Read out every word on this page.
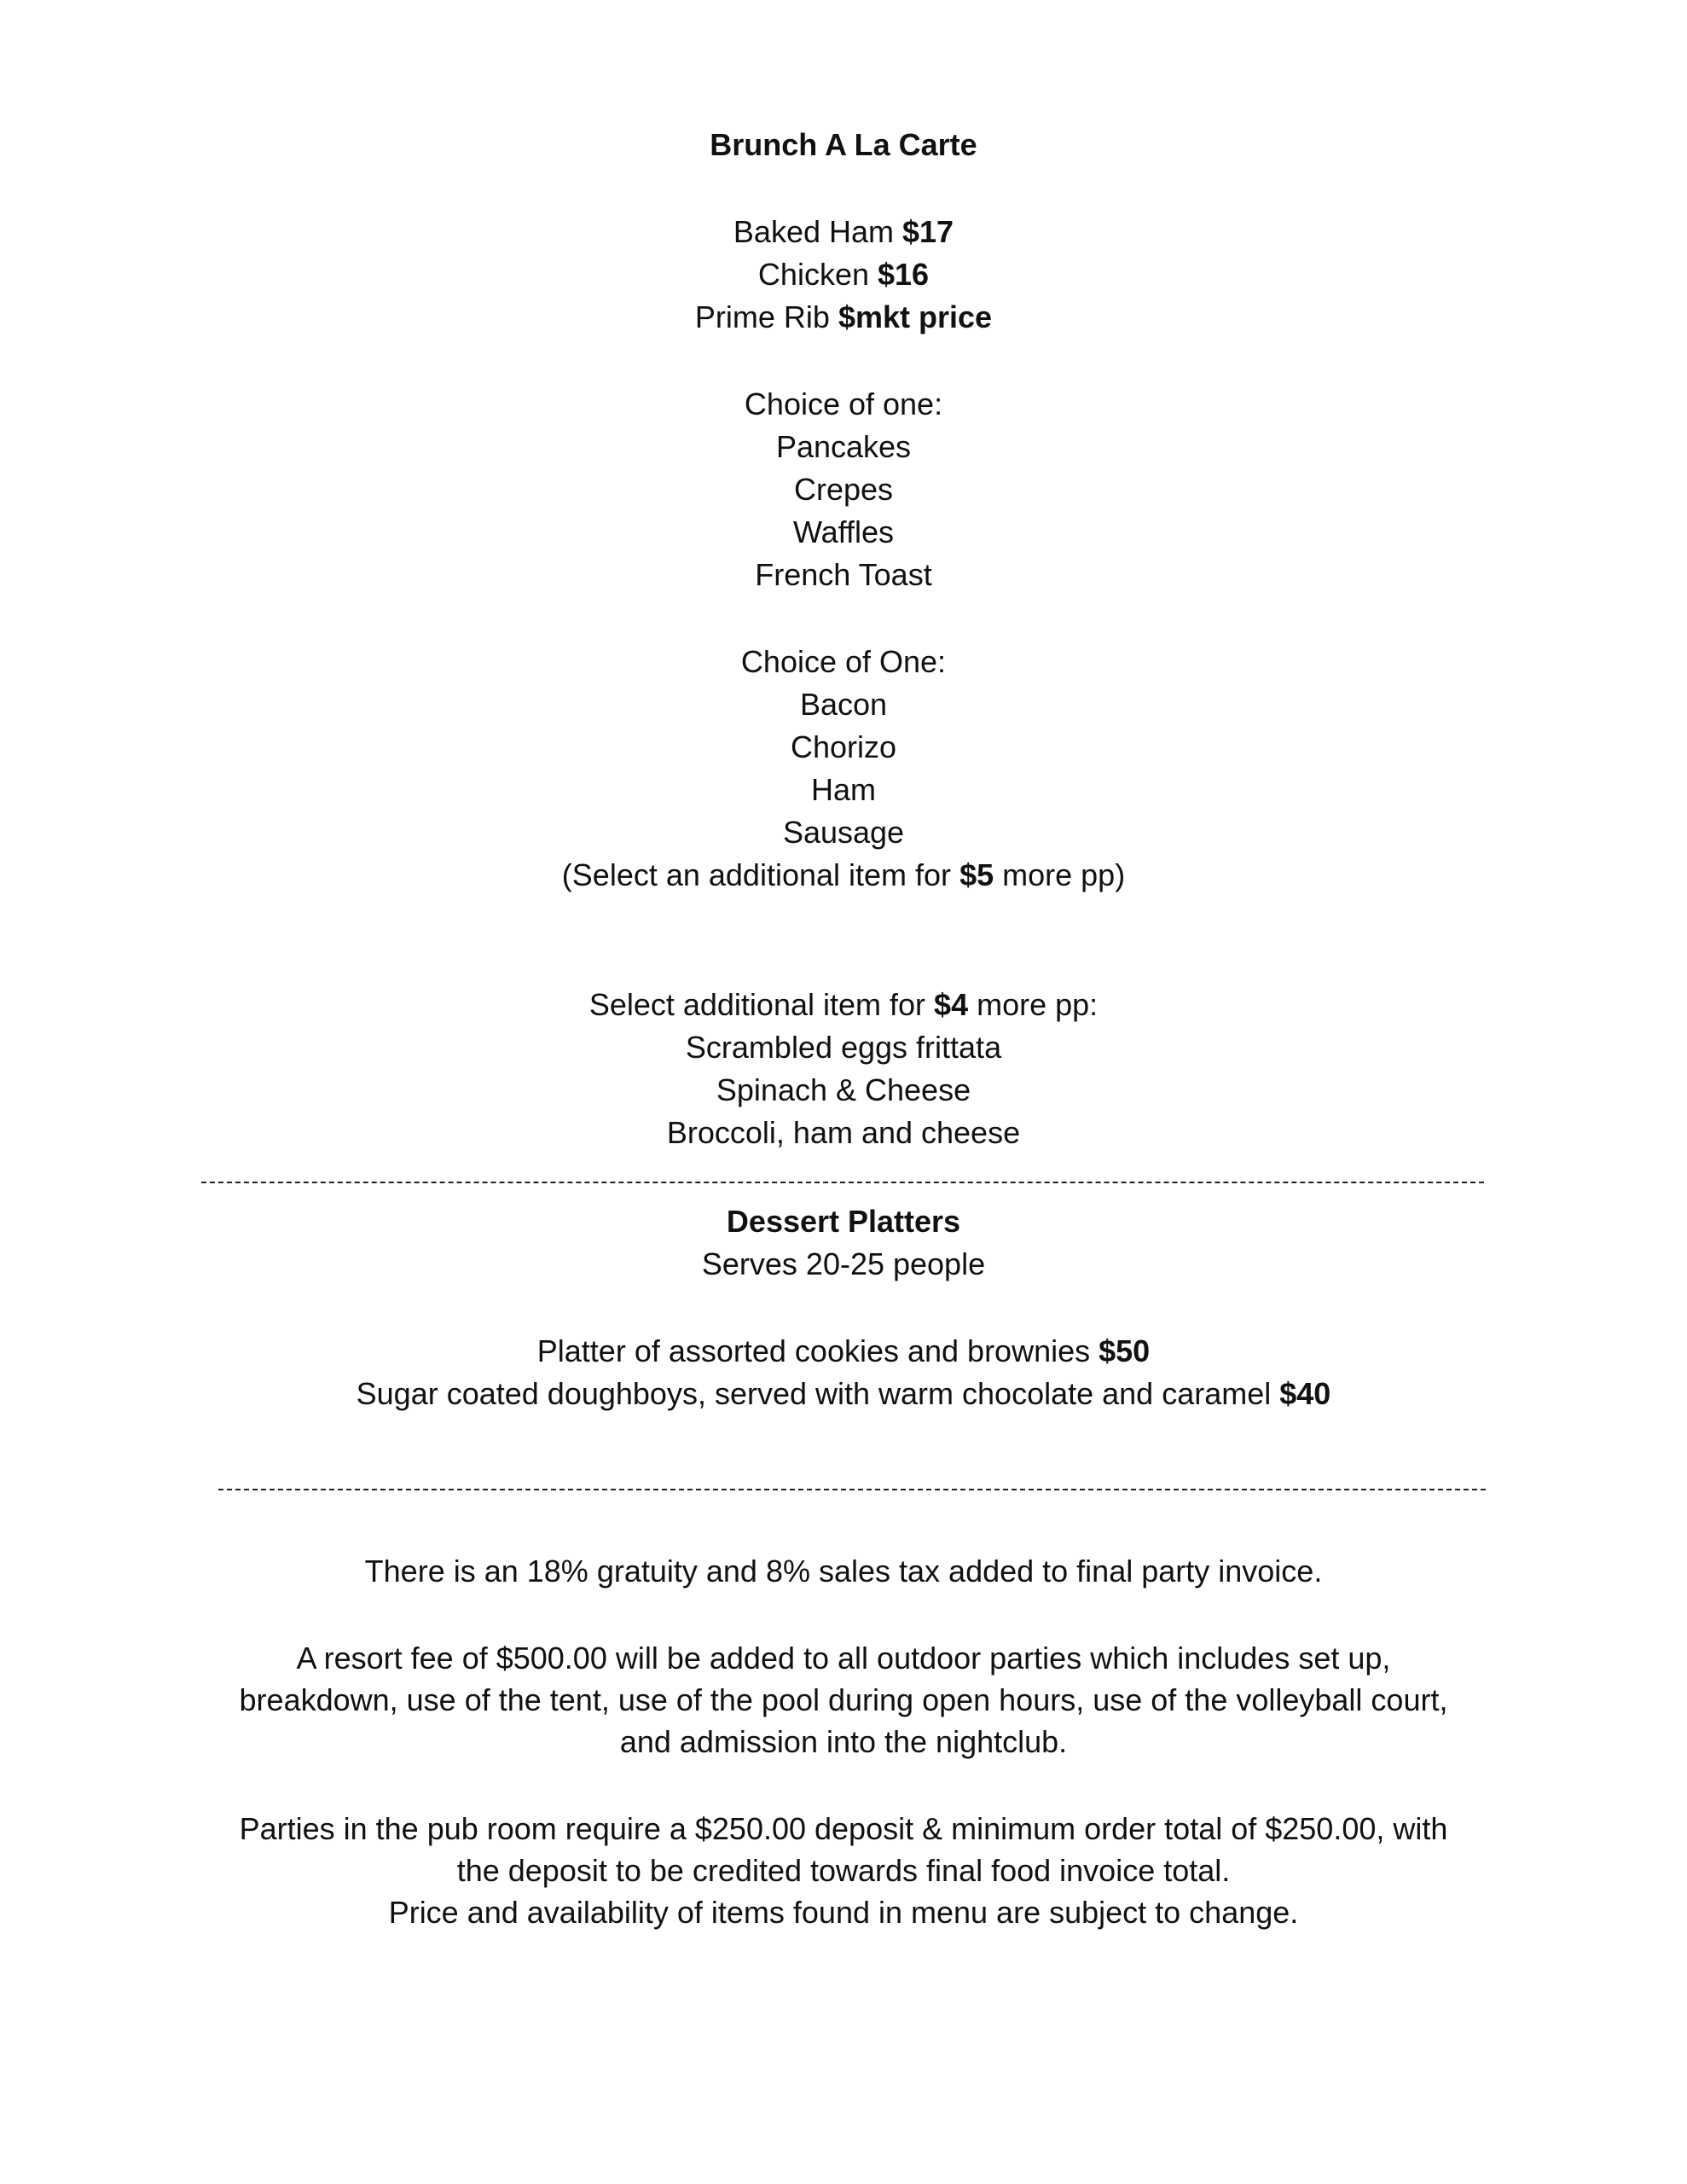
Brunch A La Carte
Baked Ham $17
Chicken $16
Prime Rib $mkt price
Choice of one:
Pancakes
Crepes
Waffles
French Toast
Choice of One:
Bacon
Chorizo
Ham
Sausage
(Select an additional item for $5 more pp)
Select additional item for $4 more pp:
Scrambled eggs frittata
Spinach & Cheese
Broccoli, ham and cheese
Dessert Platters
Serves 20-25 people
Platter of assorted cookies and brownies $50
Sugar coated doughboys, served with warm chocolate and caramel $40
There is an 18% gratuity and 8% sales tax added to final party invoice.
A resort fee of $500.00 will be added to all outdoor parties which includes set up,
breakdown, use of the tent, use of the pool during open hours, use of the volleyball court,
and admission into the nightclub.
Parties in the pub room require a $250.00 deposit & minimum order total of $250.00, with
the deposit to be credited towards final food invoice total.
Price and availability of items found in menu are subject to change.
